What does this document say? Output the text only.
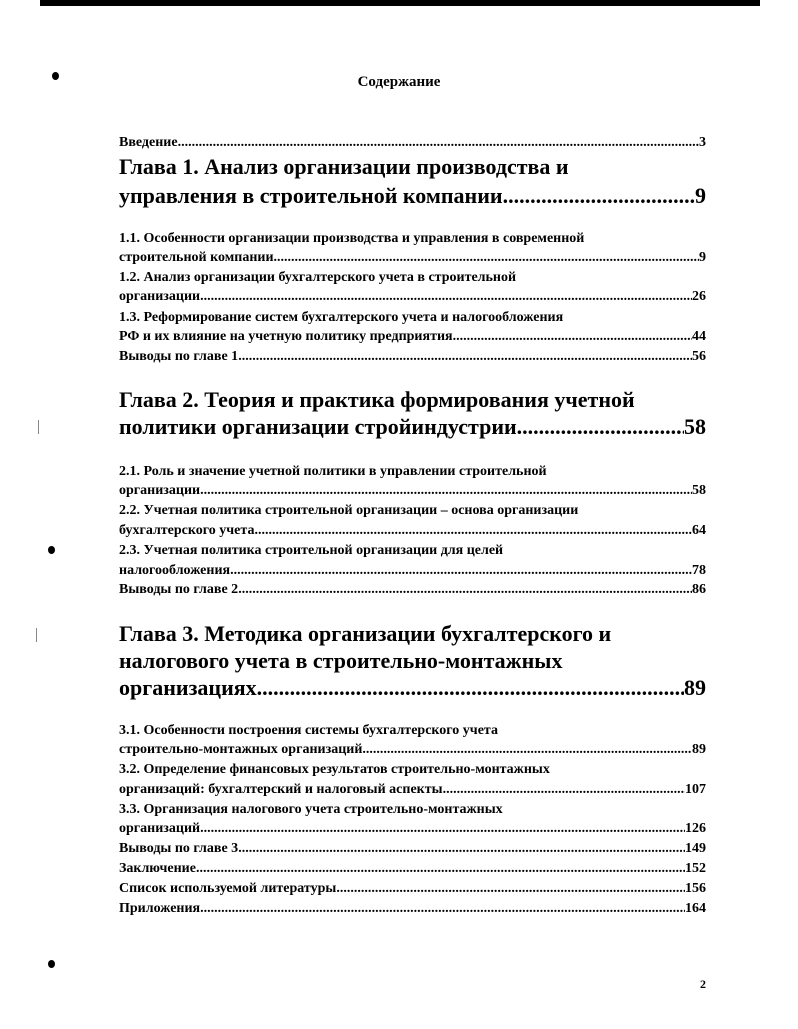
Содержание
Введение .....	3
Глава 1. Анализ организации производства и
управления в строительной компании .....	9
1.1. Особенности организации производства и управления в современной
строительной компании .....	9
1.2. Анализ организации бухгалтерского учета в строительной
организации .....	26
1.3. Реформирование систем бухгалтерского учета и налогообложения
РФ и их влияние на учетную политику предприятия .....	44
Выводы по главе 1 .....	56
Глава 2. Теория и практика формирования учетной
политики организации стройиндустрии .....	58
2.1. Роль и значение учетной политики в управлении строительной
организации .....	58
2.2. Учетная политика строительной организации – основа организации
бухгалтерского учета .....	64
2.3. Учетная политика строительной организации для целей
налогообложения .....	78
Выводы по главе 2 .....	86
Глава 3. Методика организации бухгалтерского и
налогового учета в строительно-монтажных
организациях .....	89
3.1. Особенности построения системы бухгалтерского учета
строительно-монтажных организаций .....	89
3.2. Определение финансовых результатов строительно-монтажных
организаций: бухгалтерский и налоговый аспекты .....	107
3.3. Организация налогового учета строительно-монтажных
организаций .....	126
Выводы по главе 3 .....	149
Заключение .....	152
Список используемой литературы .....	156
Приложения .....	164
2
